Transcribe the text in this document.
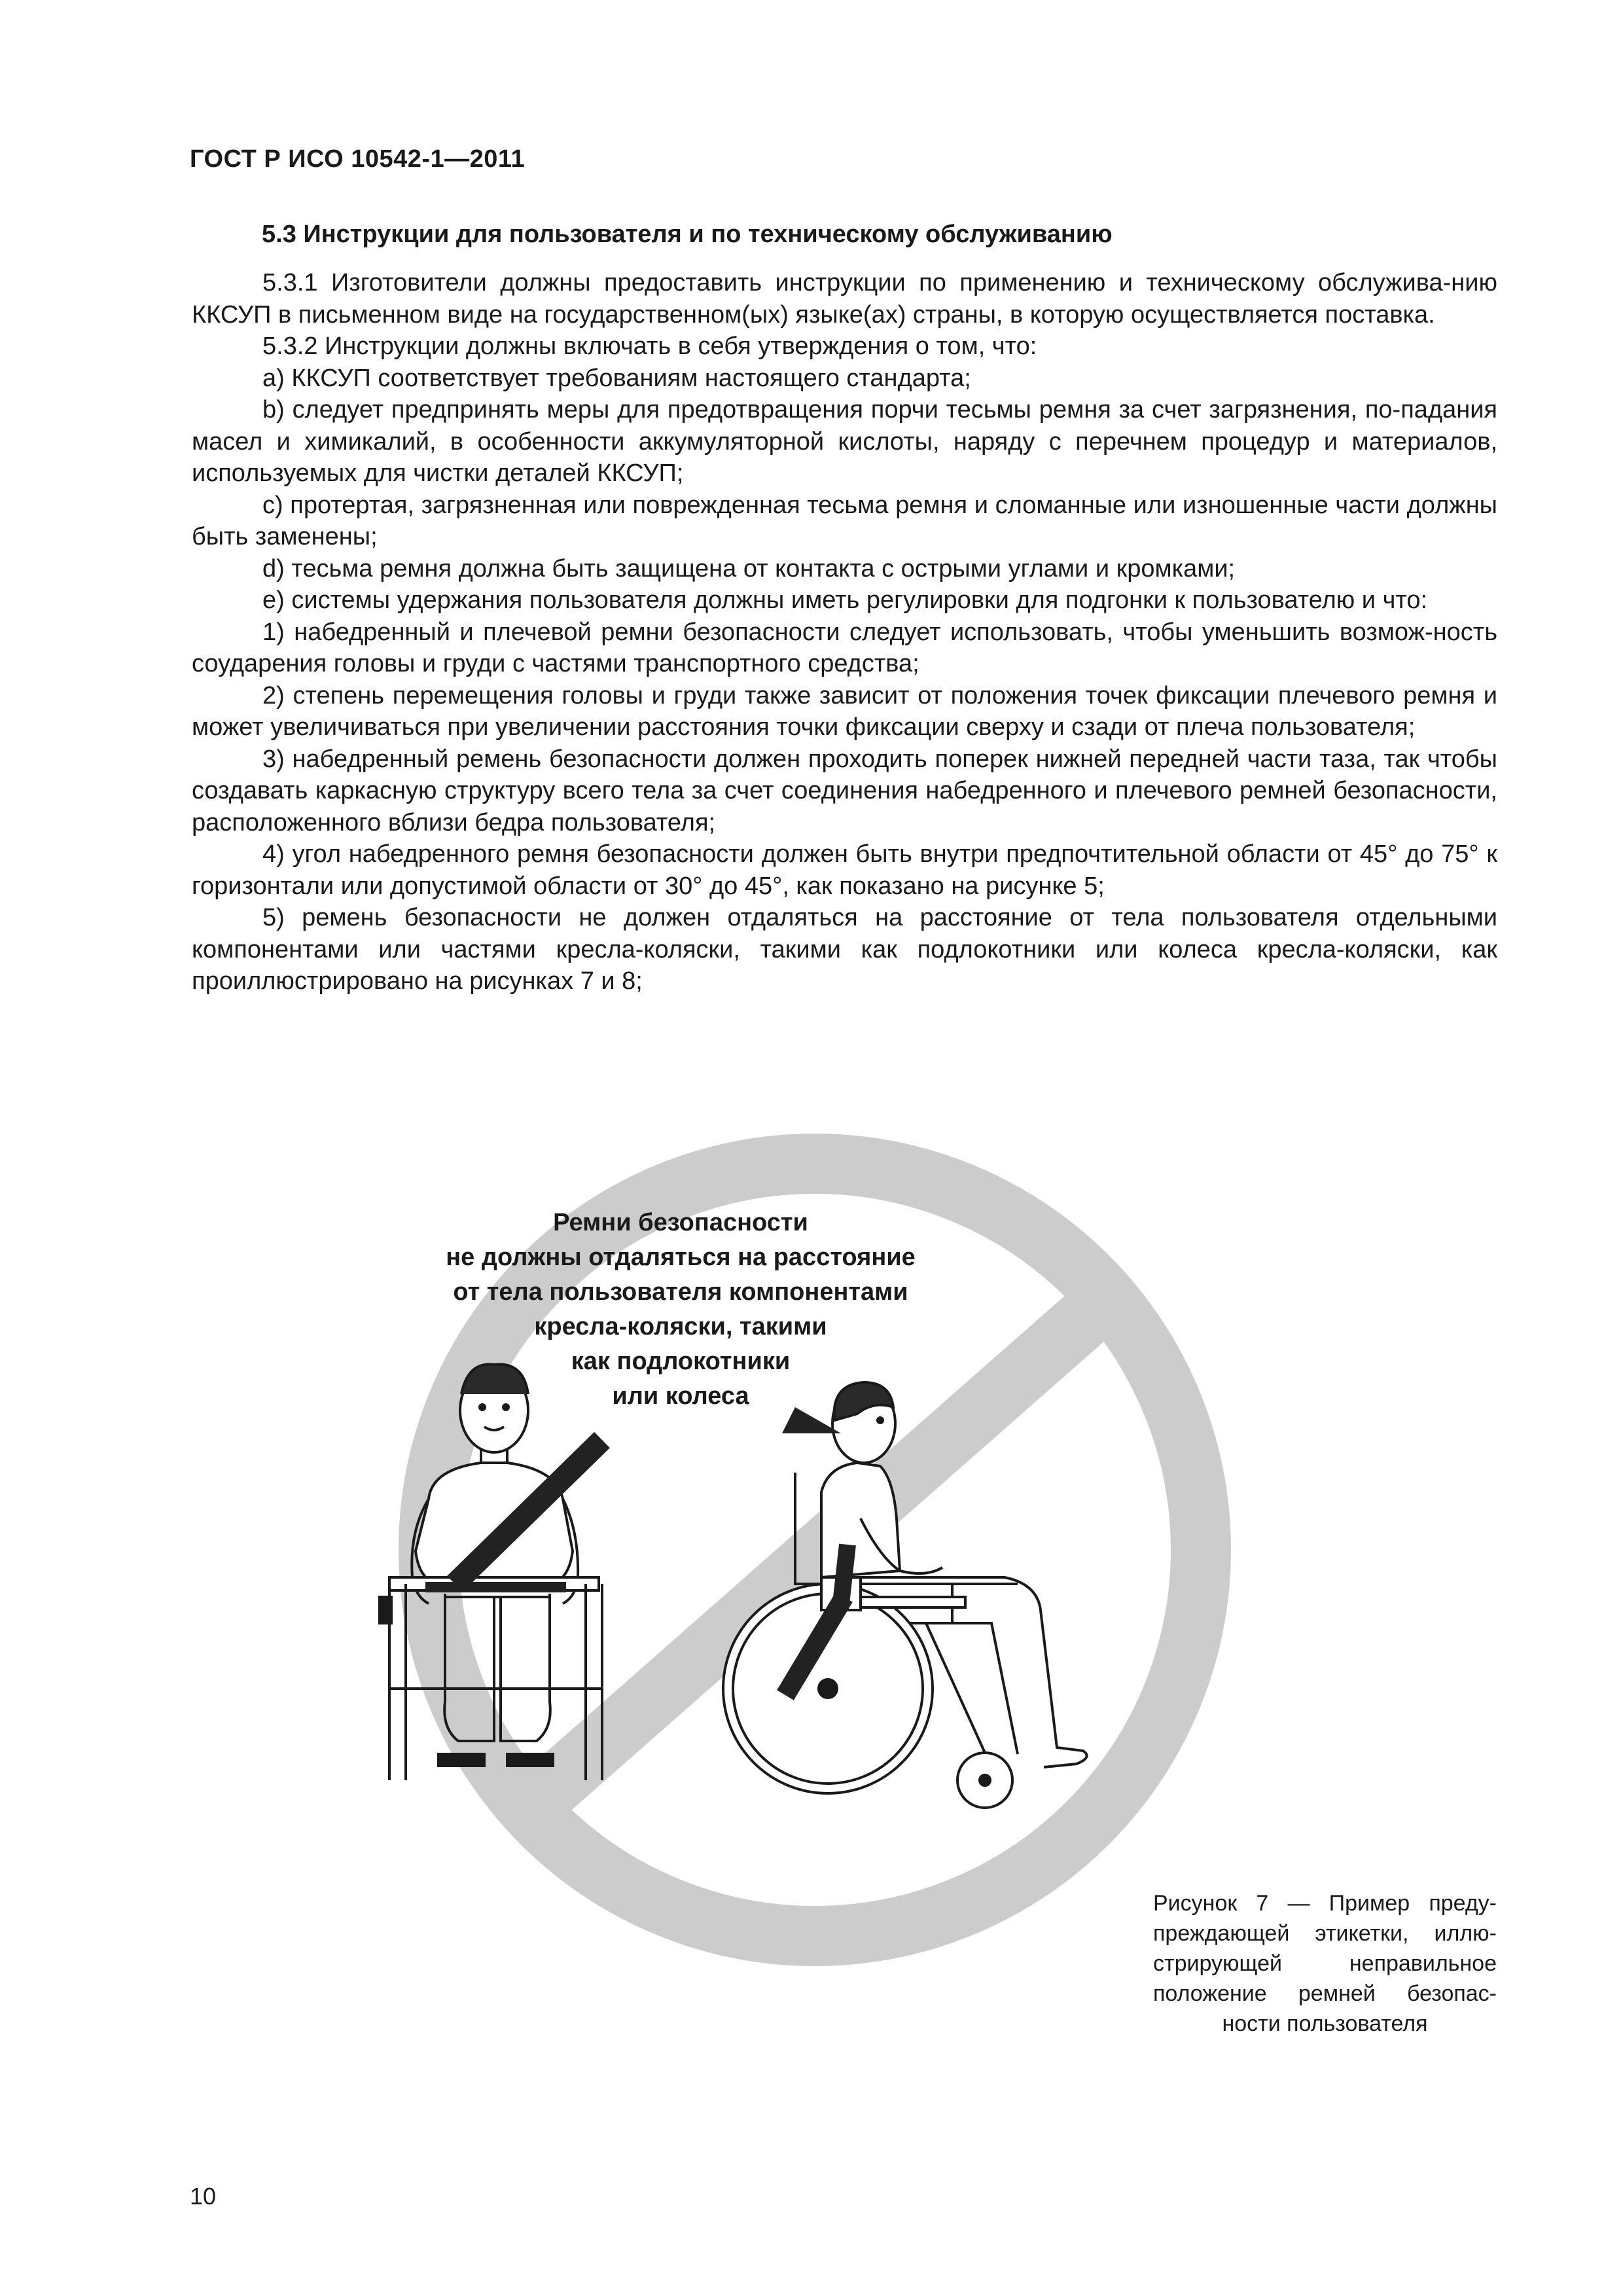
ГОСТ Р ИСО 10542-1—2011
5.3 Инструкции для пользователя и по техническому обслуживанию

5.3.1 Изготовители должны предоставить инструкции по применению и техническому обслужива-нию ККСУП в письменном виде на государственном(ых) языке(ах) страны, в которую осуществляется поставка.

5.3.2 Инструкции должны включать в себя утверждения о том, что:

a) ККСУП соответствует требованиям настоящего стандарта;

b) следует предпринять меры для предотвращения порчи тесьмы ремня за счет загрязнения, по-падания масел и химикалий, в особенности аккумуляторной кислоты, наряду с перечнем процедур и материалов, используемых для чистки деталей ККСУП;

c) протертая, загрязненная или поврежденная тесьма ремня и сломанные или изношенные части должны быть заменены;

d) тесьма ремня должна быть защищена от контакта с острыми углами и кромками;

e) системы удержания пользователя должны иметь регулировки для подгонки к пользователю и что:

1) набедренный и плечевой ремни безопасности следует использовать, чтобы уменьшить возмож-ность соударения головы и груди с частями транспортного средства;

2) степень перемещения головы и груди также зависит от положения точек фиксации плечевого ремня и может увеличиваться при увеличении расстояния точки фиксации сверху и сзади от плеча пользователя;

3) набедренный ремень безопасности должен проходить поперек нижней передней части таза, так чтобы создавать каркасную структуру всего тела за счет соединения набедренного и плечевого ремней безопасности, расположенного вблизи бедра пользователя;

4) угол набедренного ремня безопасности должен быть внутри предпочтительной области от 45° до 75° к горизонтали или допустимой области от 30° до 45°, как показано на рисунке 5;

5) ремень безопасности не должен отдаляться на расстояние от тела пользователя отдельными компонентами или частями кресла-коляски, такими как подлокотники или колеса кресла-коляски, как проиллюстрировано на рисунках 7 и 8;

Ремни безопасности
не должны отдаляться на расстояние
от тела пользователя компонентами
кресла-коляски, такими
как подлокотники
или колеса
Рисунок 7 — Пример преду-
преждающей этикетки, иллю-
стрирующей неправильное
положение ремней безопас-
ности пользователя
10
